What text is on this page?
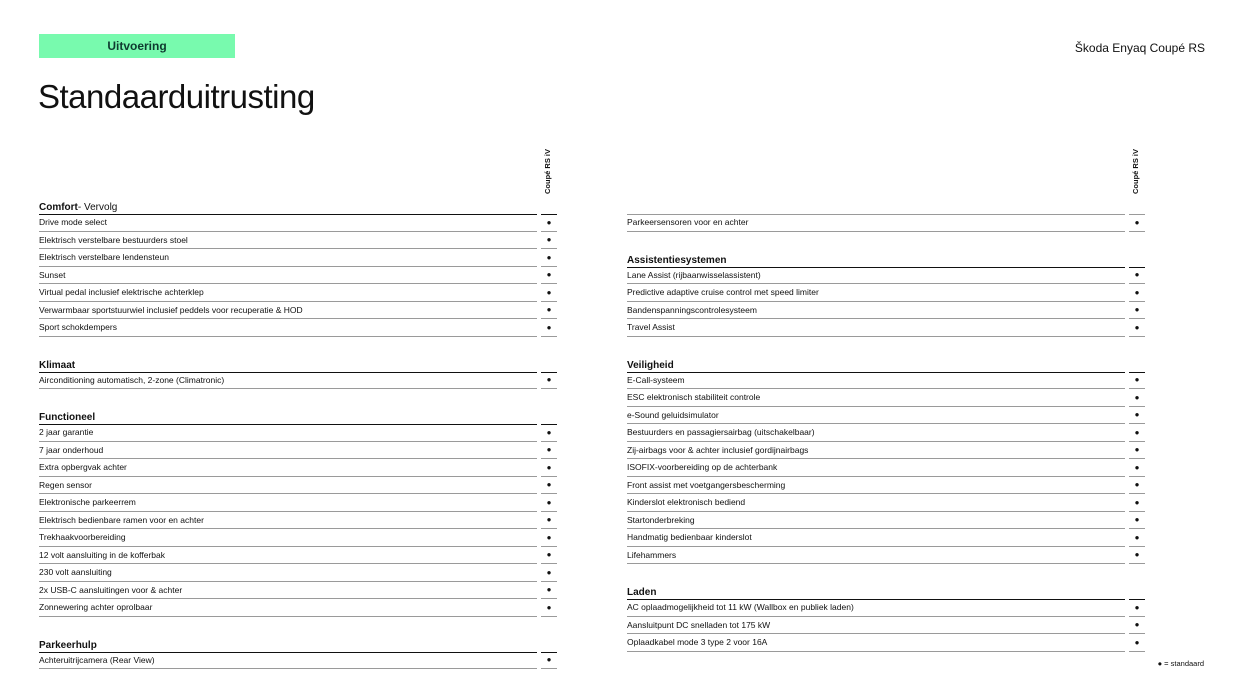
Uitvoering	Škoda Enyaq Coupé RS
Standaarduitrusting
Coupé RS iV
Comfort - Vervolg
Drive mode select	●
Elektrisch verstelbare bestuurders stoel	●
Elektrisch verstelbare lendensteun	●
Sunset	●
Virtual pedal inclusief elektrische achterklep	●
Verwarmbaar sportstuurwiel inclusief peddels voor recuperatie & HOD	●
Sport schokdempers	●
Klimaat
Airconditioning automatisch, 2-zone (Climatronic)	●
Functioneel
2 jaar garantie	●
7 jaar onderhoud	●
Extra opbergvak achter	●
Regen sensor	●
Elektronische parkeerrem	●
Elektrisch bedienbare ramen voor en achter	●
Trekhaakvoorbereiding	●
12 volt aansluiting in de kofferbak	●
230 volt aansluiting	●
2x USB-C aansluitingen voor & achter	●
Zonnewering achter oprolbaar	●
Parkeerhulp
Achteruitrijcamera (Rear View)	●
Coupé RS iV
Parkeersensoren voor en achter	●
Assistentiesystemen
Lane Assist (rijbaanwisselassistent)	●
Predictive adaptive cruise control met speed limiter	●
Bandenspanningscontrolesysteem	●
Travel Assist	●
Veiligheid
E-Call-systeem	●
ESC elektronisch stabiliteit controle	●
e-Sound geluidsimulator	●
Bestuurders en passagiersairbag (uitschakelbaar)	●
Zij-airbags voor & achter inclusief gordijnairbags	●
ISOFIX-voorbereiding op de achterbank	●
Front assist met voetgangersbescherming	●
Kinderslot elektronisch bediend	●
Startonderbreking	●
Handmatig bedienbaar kinderslot	●
Lifehammers	●
Laden
AC oplaadmogelijkheid tot 11 kW (Wallbox en publiek laden)	●
Aansluitpunt DC snelladen tot 175 kW	●
Oplaadkabel mode 3 type 2 voor 16A	●
● = standaard
